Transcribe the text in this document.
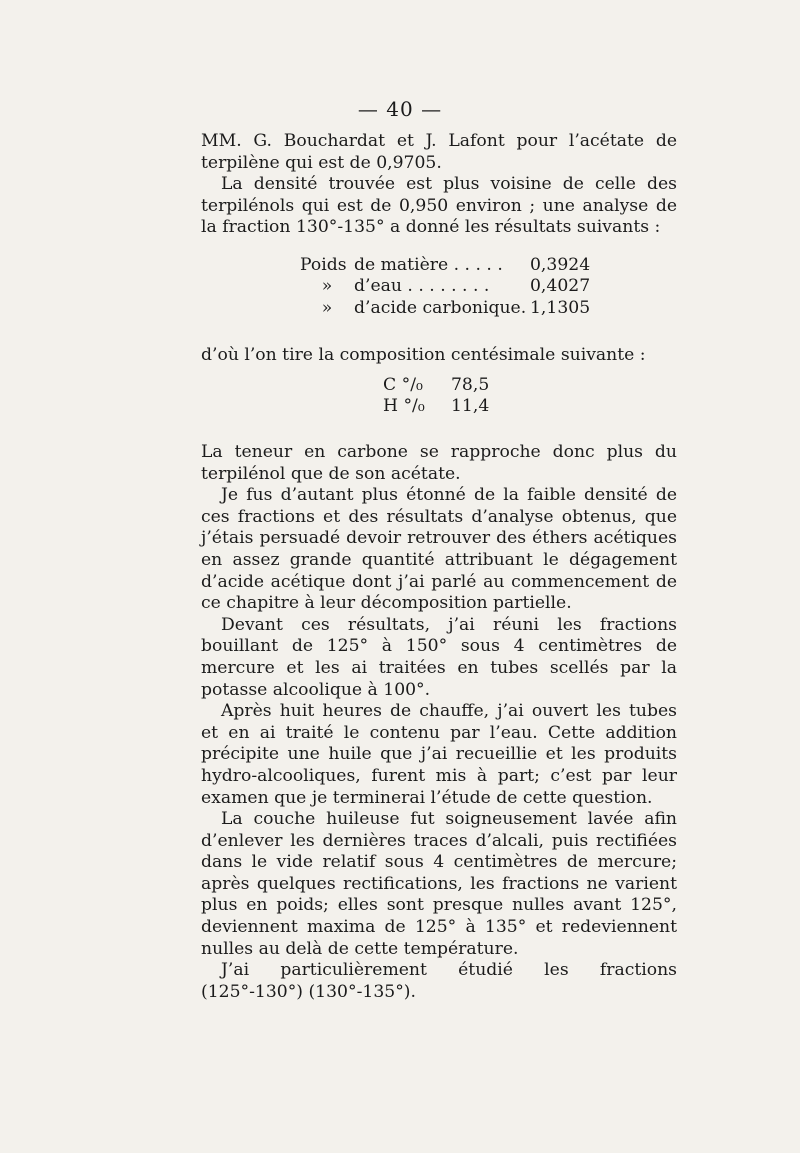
— 40 —

MM. G. Bouchardat et J. Lafont pour l’acétate de terpilène qui est de 0,9705.

La densité trouvée est plus voisine de celle des terpilénols qui est de 0,950 environ ; une analyse de la fraction 130°-135° a donné les résultats suivants :

Poids de matière . . . . .	0,3924
»	d’eau . . . . . . . .	0,4027
»	d’acide carbonique. 1,1305

d’où l’on tire la composition centésimale suivante :

C °/₀	78,5
H °/₀	11,4

La teneur en carbone se rapproche donc plus du terpilénol que de son acétate.

Je fus d’autant plus étonné de la faible densité de ces fractions et des résultats d’analyse obtenus, que j’étais persuadé devoir retrouver des éthers acétiques en assez grande quantité attribuant le dégagement d’acide acétique dont j’ai parlé au commencement de ce chapitre à leur décomposition partielle.

Devant ces résultats, j’ai réuni les fractions bouillant de 125° à 150° sous 4 centimètres de mercure et les ai traitées en tubes scellés par la potasse alcoolique à 100°.

Après huit heures de chauffe, j’ai ouvert les tubes et en ai traité le contenu par l’eau. Cette addition précipite une huile que j’ai recueillie et les produits hydro-alcooliques, furent mis à part; c’est par leur examen que je terminerai l’étude de cette question.

La couche huileuse fut soigneusement lavée afin d’enlever les dernières traces d’alcali, puis rectifiées dans le vide relatif sous 4 centimètres de mercure; après quelques rectifications, les fractions ne varient plus en poids; elles sont presque nulles avant 125°, deviennent maxima de 125° à 135° et redeviennent nulles au delà de cette température.

J’ai particulièrement étudié les fractions (125°-130°) (130°-135°).
